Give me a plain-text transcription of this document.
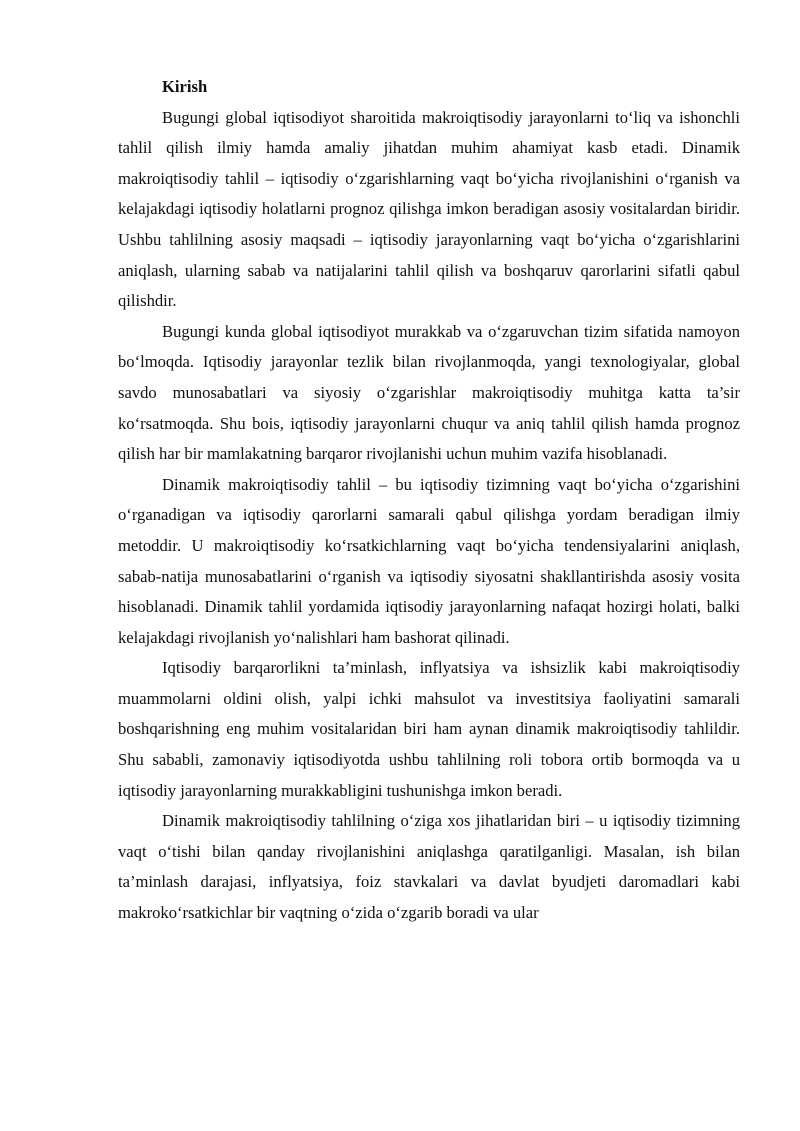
Kirish

Bugungi global iqtisodiyot sharoitida makroiqtisodiy jarayonlarni to‘liq va ishonchli tahlil qilish ilmiy hamda amaliy jihatdan muhim ahamiyat kasb etadi. Dinamik makroiqtisodiy tahlil – iqtisodiy o‘zgarishlarning vaqt bo‘yicha rivojlanishini o‘rganish va kelajakdagi iqtisodiy holatlarni prognoz qilishga imkon beradigan asosiy vositalardan biridir. Ushbu tahlilning asosiy maqsadi – iqtisodiy jarayonlarning vaqt bo‘yicha o‘zgarishlarini aniqlash, ularning sabab va natijalarini tahlil qilish va boshqaruv qarorlarini sifatli qabul qilishdir.

Bugungi kunda global iqtisodiyot murakkab va o‘zgaruvchan tizim sifatida namoyon bo‘lmoqda. Iqtisodiy jarayonlar tezlik bilan rivojlanmoqda, yangi texnologiyalar, global savdo munosabatlari va siyosiy o‘zgarishlar makroiqtisodiy muhitga katta ta’sir ko‘rsatmoqda. Shu bois, iqtisodiy jarayonlarni chuqur va aniq tahlil qilish hamda prognoz qilish har bir mamlakatning barqaror rivojlanishi uchun muhim vazifa hisoblanadi.

Dinamik makroiqtisodiy tahlil – bu iqtisodiy tizimning vaqt bo‘yicha o‘zgarishini o‘rganadigan va iqtisodiy qarorlarni samarali qabul qilishga yordam beradigan ilmiy metoddir. U makroiqtisodiy ko‘rsatkichlarning vaqt bo‘yicha tendensiyalarini aniqlash, sabab-natija munosabatlarini o‘rganish va iqtisodiy siyosatni shakllantirishda asosiy vosita hisoblanadi. Dinamik tahlil yordamida iqtisodiy jarayonlarning nafaqat hozirgi holati, balki kelajakdagi rivojlanish yo‘nalishlari ham bashorat qilinadi.

Iqtisodiy barqarorlikni ta’minlash, inflyatsiya va ishsizlik kabi makroiqtisodiy muammolarni oldini olish, yalpi ichki mahsulot va investitsiya faoliyatini samarali boshqarishning eng muhim vositalaridan biri ham aynan dinamik makroiqtisodiy tahlildir. Shu sababli, zamonaviy iqtisodiyotda ushbu tahlilning roli tobora ortib bormoqda va u iqtisodiy jarayonlarning murakkabligini tushunishga imkon beradi.

Dinamik makroiqtisodiy tahlilning o‘ziga xos jihatlaridan biri – u iqtisodiy tizimning vaqt o‘tishi bilan qanday rivojlanishini aniqlashga qaratilganligi. Masalan, ish bilan ta’minlash darajasi, inflyatsiya, foiz stavkalari va davlat byudjeti daromadlari kabi makroko‘rsatkichlar bir vaqtning o‘zida o‘zgarib boradi va ular
